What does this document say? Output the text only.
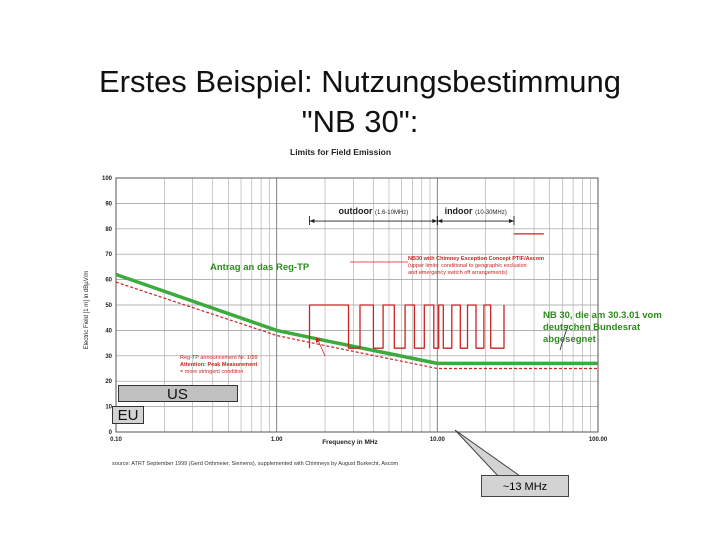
Erstes Beispiel: Nutzungsbestimmung
"NB 30":
Limits for Field Emission
0
10
20
30
40
50
60
70
80
90
100
0.10	1.00	10.00	100.00
outdoor (1.6-10MHz)	indoor (10-30MHz)
Frequency in MHz
Electric Field [1 m] in dBµV/m
Antrag an das Reg-TP
NB 30, die am 30.3.01 vom deutschen Bundesrat abgesegnet
Reg-TP announcement Nr. 1/99
Attention: Peak Measurement
= more stringent condition
NB30 with Chimney Exception Concept PTIF/Ascom
(upper limits: conditional to geographic exclusion
and emergency switch off arrangements)
US
EU
source: ATRT September 1999 (Gerd Orthmeier, Siemens), supplemented with Chimneys by August Burkecht, Ascom
~13 MHz
